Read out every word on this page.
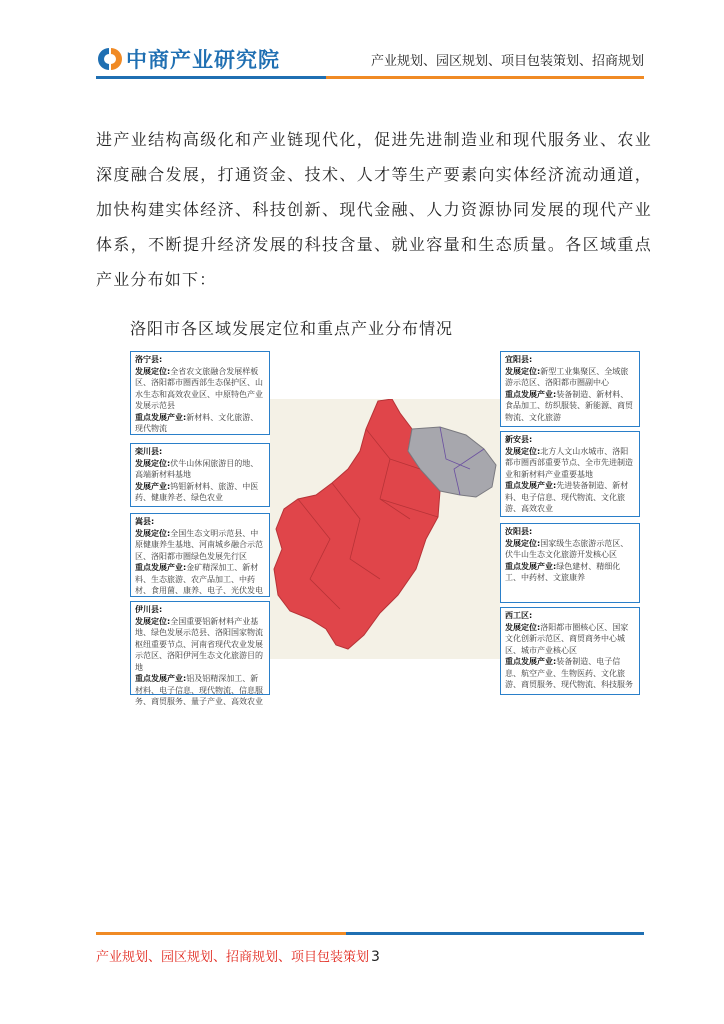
中商产业研究院	产业规划、园区规划、项目包装策划、招商规划
进产业结构高级化和产业链现代化，促进先进制造业和现代服务业、农业深度融合发展，打通资金、技术、人才等生产要素向实体经济流动通道，加快构建实体经济、科技创新、现代金融、人力资源协同发展的现代产业体系，不断提升经济发展的科技含量、就业容量和生态质量。各区域重点产业分布如下：
洛阳市各区域发展定位和重点产业分布情况
洛宁县:
发展定位:全省农文旅融合发展样板区、洛阳都市圈西部生态保护区、山水生态和高效农业区、中原特色产业发展示范县
重点发展产业:新材料、文化旅游、现代物流
栾川县:
发展定位:伏牛山休闲旅游目的地、高端新材料基地
发展产业:钨钼新材料、旅游、中医药、健康养老、绿色农业
嵩县:
发展定位:全国生态文明示范县、中原健康养生基地、河南城乡融合示范区、洛阳都市圈绿色发展先行区
重点发展产业:金矿精深加工、新材料、生态旅游、农产品加工、中药材、食用菌、康养、电子、光伏发电
伊川县:
发展定位:全国重要铝新材料产业基地、绿色发展示范县、洛阳国家物流枢纽重要节点、河南省现代农业发展示范区、洛阳伊河生态文化旅游目的地
重点发展产业:铝及铝精深加工、新材料、电子信息、现代物流、信息服务、商贸服务、量子产业、高效农业
宜阳县:
发展定位:新型工业集聚区、全域旅游示范区、洛阳都市圈副中心
重点发展产业:装备制造、新材料、食品加工、纺织服装、新能源、商贸物流、文化旅游
新安县:
发展定位:北方人文山水城市、洛阳都市圈西部重要节点、全市先进制造业和新材料产业重要基地
重点发展产业:先进装备制造、新材料、电子信息、现代物流、文化旅游、高效农业
汝阳县:
发展定位:国家级生态旅游示范区、伏牛山生态文化旅游开发核心区
重点发展产业:绿色建材、精细化工、中药材、文旅康养
西工区:
发展定位:洛阳都市圈核心区、国家文化创新示范区、商贸商务中心城区、城市产业核心区
重点发展产业:装备制造、电子信息、航空产业、生物医药、文化旅游、商贸服务、现代物流、科技服务
产业规划、园区规划、招商规划、项目包装策划 3
